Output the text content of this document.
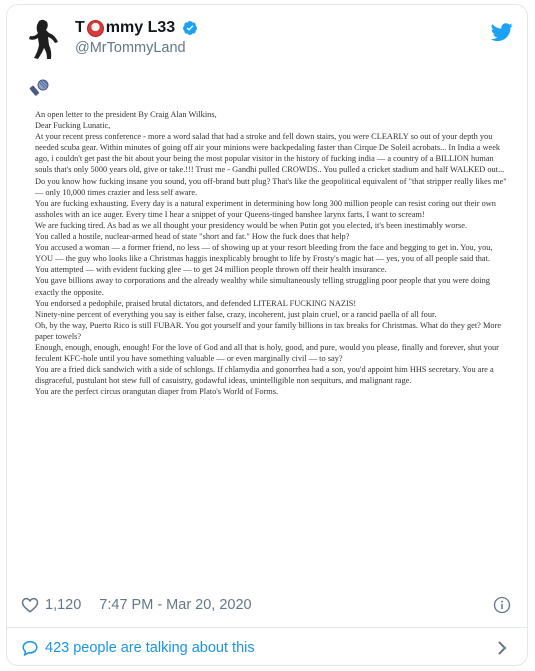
T mmy L33
@MrTommyLand

An open letter to the president By Craig Alan Wilkins,

Dear Fucking Lunatic,

At your recent press conference - more a word salad that had a stroke and fell down stairs, you were CLEARLY so out of your depth you needed scuba gear. Within minutes of going off air your minions were backpedaling faster than Cirque De Soleil acrobats... In India a week ago, i couldn't get past the bit about your being the most popular visitor in the history of fucking india — a country of a BILLION human souls that's only 5000 years old, give or take.!!! Trust me - Gandhi pulled CROWDS.. You pulled a cricket stadium and half WALKED out...

Do you know how fucking insane you sound, you off-brand butt plug? That's like the geopolitical equivalent of "that stripper really likes me" — only 10,000 times crazier and less self aware.

You are fucking exhausting. Every day is a natural experiment in determining how long 300 million people can resist coring out their own assholes with an ice auger. Every time I hear a snippet of your Queens-tinged banshee larynx farts, I want to scream!

We are fucking tired. As bad as we all thought your presidency would be when Putin got you elected, it's been inestimably worse.

You called a hostile, nuclear-armed head of state "short and fat." How the fuck does that help?

You accused a woman — a former friend, no less — of showing up at your resort bleeding from the face and begging to get in. You, you, YOU — the guy who looks like a Christmas haggis inexplicably brought to life by Frosty's magic hat — yes, you of all people said that.

You attempted — with evident fucking glee — to get 24 million people thrown off their health insurance.

You gave billions away to corporations and the already wealthy while simultaneously telling struggling poor people that you were doing exactly the opposite.

You endorsed a pedophile, praised brutal dictators, and defended LITERAL FUCKING NAZIS!

Ninety-nine percent of everything you say is either false, crazy, incoherent, just plain cruel, or a rancid paella of all four.

Oh, by the way, Puerto Rico is still FUBAR. You got yourself and your family billions in tax breaks for Christmas. What do they get? More paper towels?

Enough, enough, enough, enough! For the love of God and all that is holy, good, and pure, would you please, finally and forever, shut your feculent KFC-hole until you have something valuable — or even marginally civil — to say?

You are a fried dick sandwich with a side of schlongs. If chlamydia and gonorrhea had a son, you'd appoint him HHS secretary. You are a disgraceful, pustulant hot stew full of casuistry, godawful ideas, unintelligible non sequiturs, and malignant rage.

You are the perfect circus orangutan diaper from Plato's World of Forms.

1,120 7:47 PM - Mar 20, 2020
423 people are talking about this
